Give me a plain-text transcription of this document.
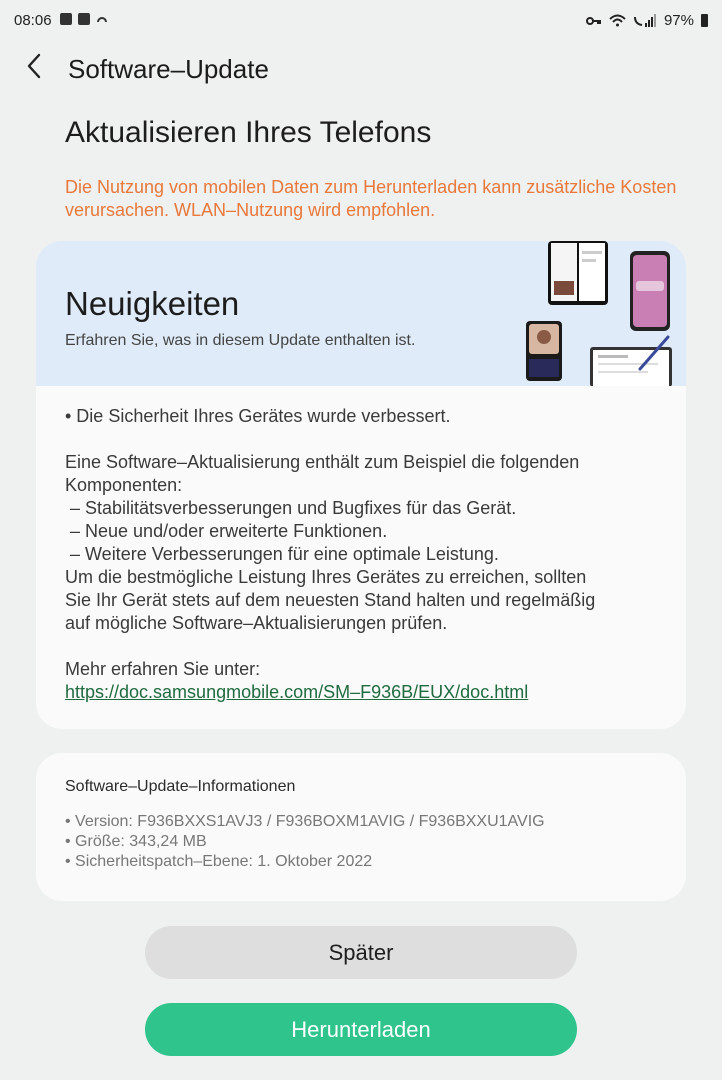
08:06	97%
Software–Update
Aktualisieren Ihres Telefons
Die Nutzung von mobilen Daten zum Herunterladen kann zusätzliche Kosten verursachen. WLAN–Nutzung wird empfohlen.
Neuigkeiten
Erfahren Sie, was in diesem Update enthalten ist.

• Die Sicherheit Ihres Gerätes wurde verbessert.

Eine Software–Aktualisierung enthält zum Beispiel die folgenden

Komponenten:

– Stabilitätsverbesserungen und Bugfixes für das Gerät.

– Neue und/oder erweiterte Funktionen.

– Weitere Verbesserungen für eine optimale Leistung.

Um die bestmögliche Leistung Ihres Gerätes zu erreichen, sollten

Sie Ihr Gerät stets auf dem neuesten Stand halten und regelmäßig

auf mögliche Software–Aktualisierungen prüfen.

Mehr erfahren Sie unter:

https://doc.samsungmobile.com/SM–F936B/EUX/doc.html

Software–Update–Informationen
• Version: F936BXXS1AVJ3 / F936BOXM1AVIG / F936BXXU1AVIG
• Größe: 343,24 MB
• Sicherheitspatch–Ebene: 1. Oktober 2022
Später
Herunterladen
